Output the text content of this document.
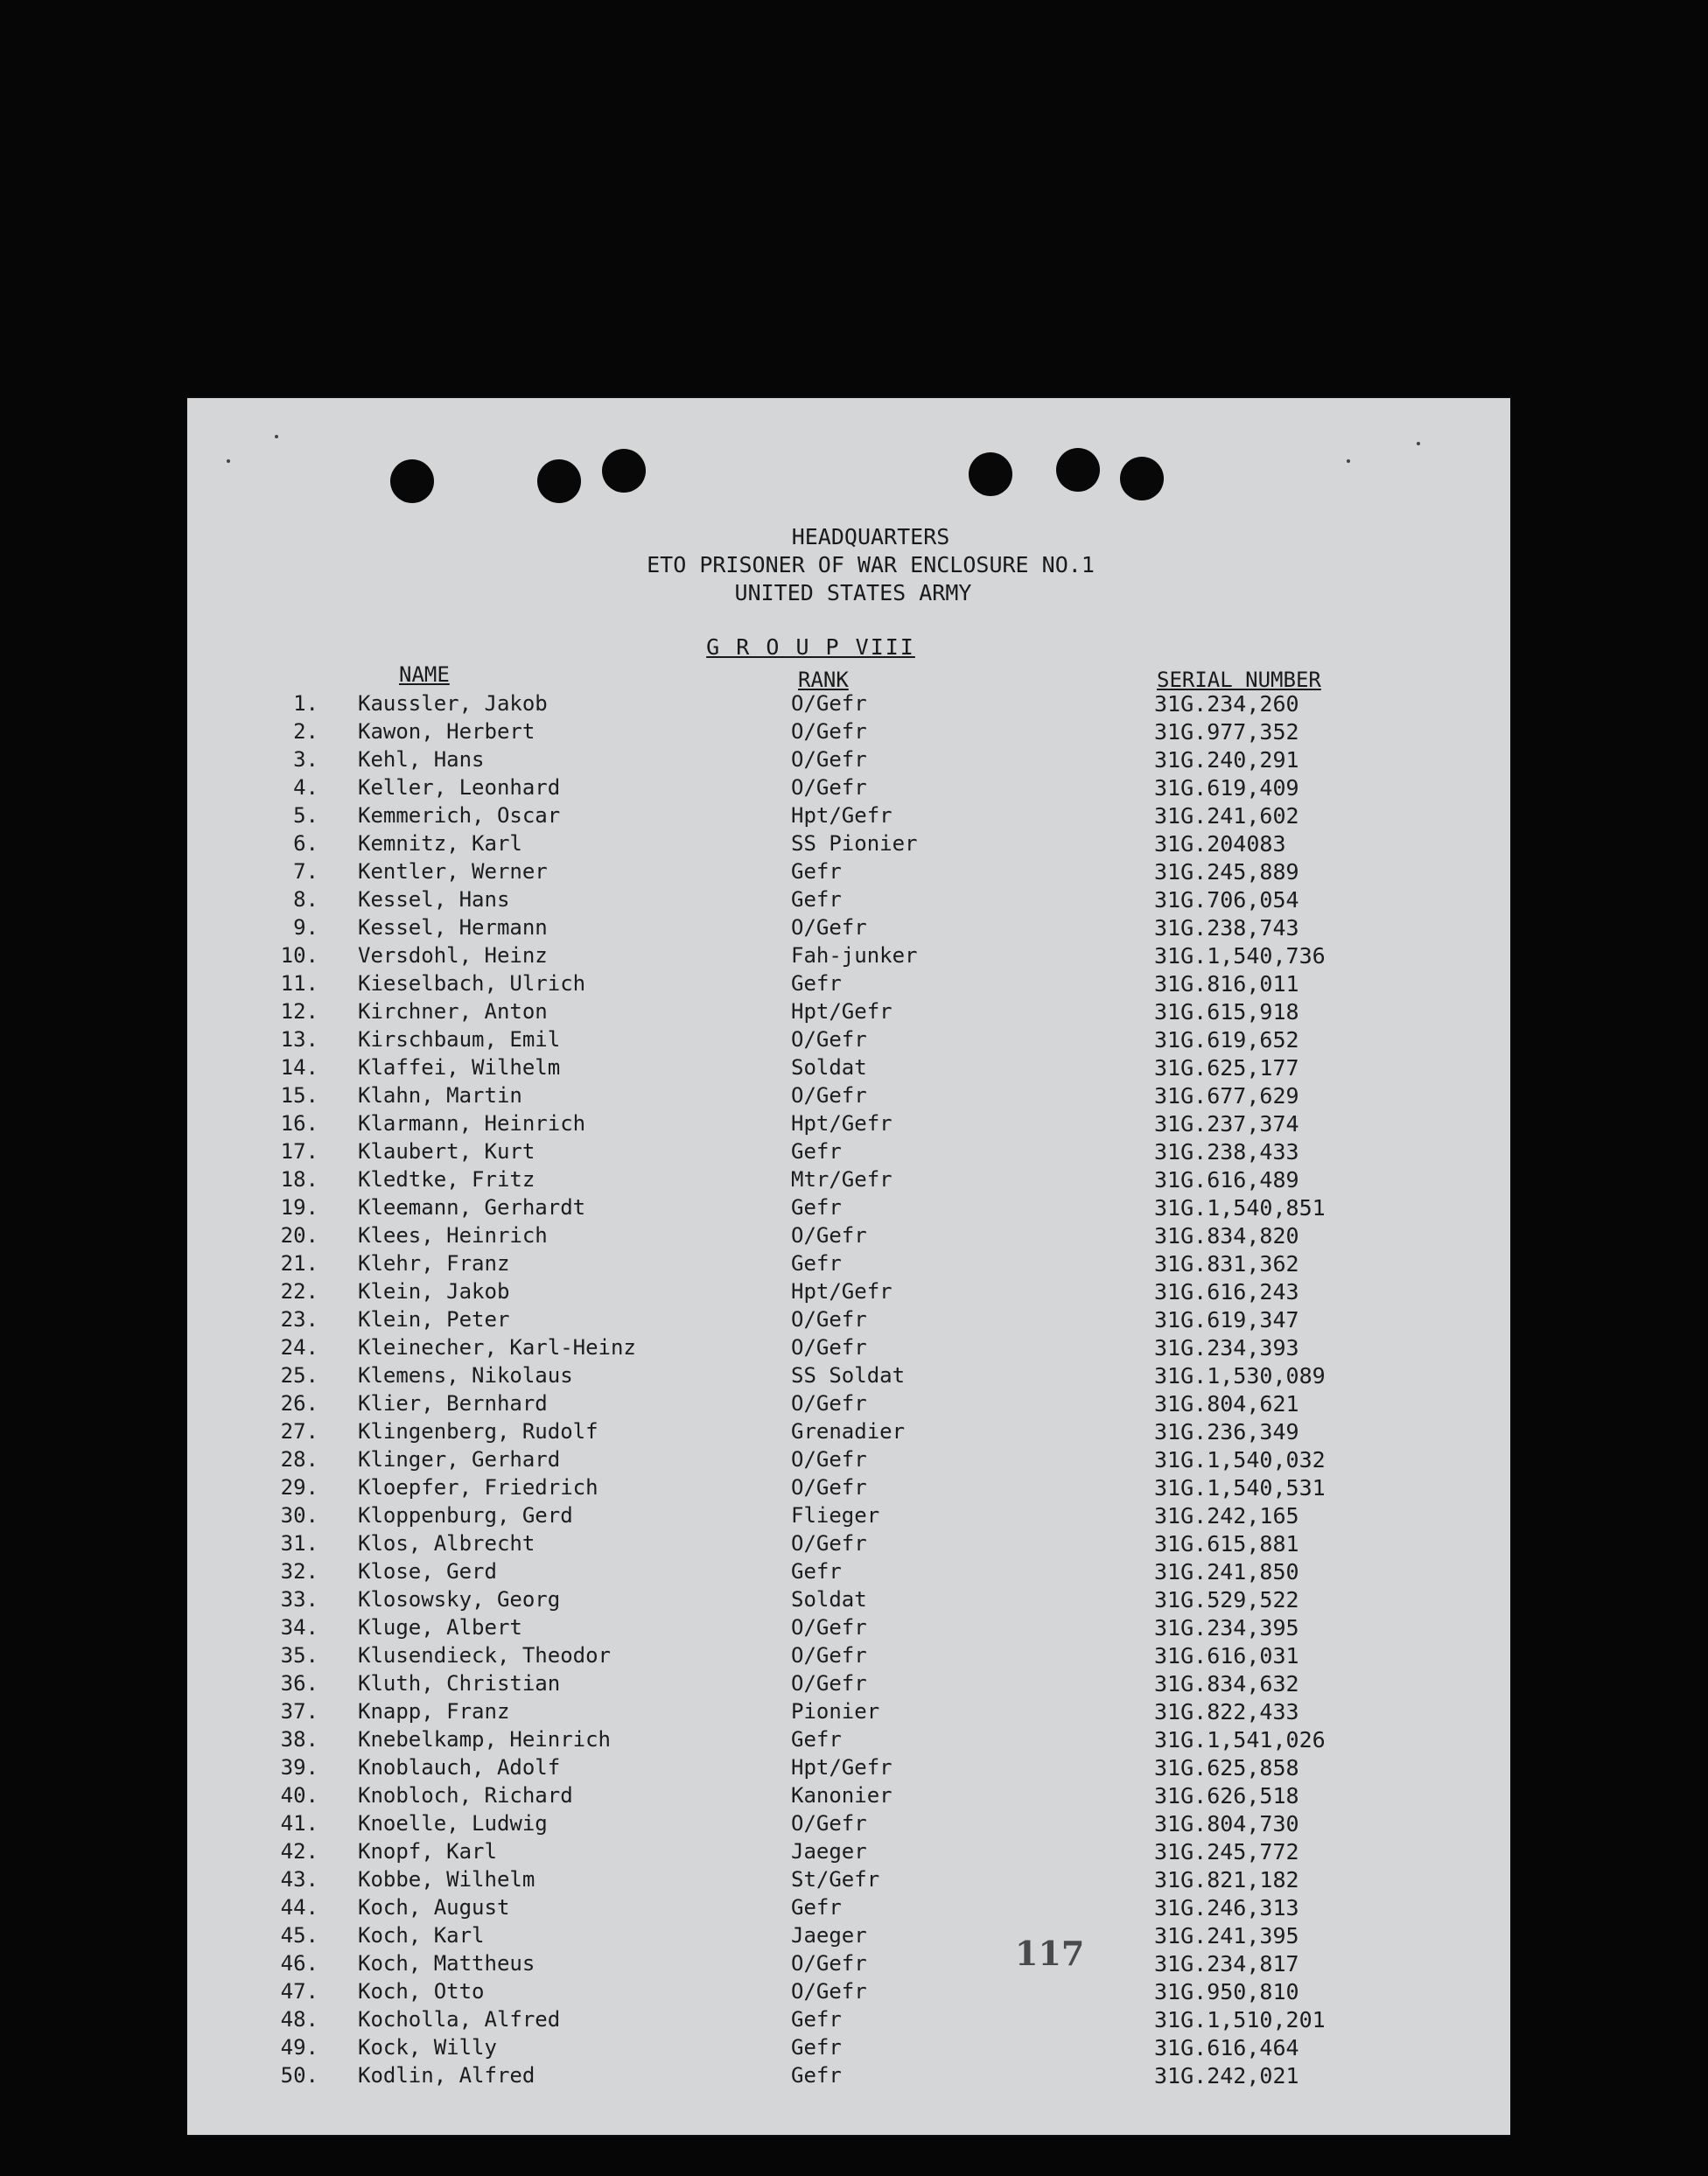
HEADQUARTERS
ETO PRISONER OF WAR ENCLOSURE NO.1
UNITED STATES ARMY
G R O U P VIII
NAME	RANK	SERIAL NUMBER
1. Kaussler, Jakob	O/Gefr	31G.234,260
2. Kawon, Herbert	O/Gefr	31G.977,352
3. Kehl, Hans	O/Gefr	31G.240,291
4. Keller, Leonhard	O/Gefr	31G.619,409
5. Kemmerich, Oscar	Hpt/Gefr	31G.241,602
6. Kemnitz, Karl	SS Pionier	31G.204083
7. Kentler, Werner	Gefr	31G.245,889
8. Kessel, Hans	Gefr	31G.706,054
9. Kessel, Hermann	O/Gefr	31G.238,743
10. Versdohl, Heinz	Fah-junker	31G.1,540,736
11. Kieselbach, Ulrich	Gefr	31G.816,011
12. Kirchner, Anton	Hpt/Gefr	31G.615,918
13. Kirschbaum, Emil	O/Gefr	31G.619,652
14. Klaffei, Wilhelm	Soldat	31G.625,177
15. Klahn, Martin	O/Gefr	31G.677,629
16. Klarmann, Heinrich	Hpt/Gefr	31G.237,374
17. Klaubert, Kurt	Gefr	31G.238,433
18. Kledtke, Fritz	Mtr/Gefr	31G.616,489
19. Kleemann, Gerhardt	Gefr	31G.1,540,851
20. Klees, Heinrich	O/Gefr	31G.834,820
21. Klehr, Franz	Gefr	31G.831,362
22. Klein, Jakob	Hpt/Gefr	31G.616,243
23. Klein, Peter	O/Gefr	31G.619,347
24. Kleinecher, Karl-Heinz	O/Gefr	31G.234,393
25. Klemens, Nikolaus	SS Soldat	31G.1,530,089
26. Klier, Bernhard	O/Gefr	31G.804,621
27. Klingenberg, Rudolf	Grenadier	31G.236,349
28. Klinger, Gerhard	O/Gefr	31G.1,540,032
29. Kloepfer, Friedrich	O/Gefr	31G.1,540,531
30. Kloppenburg, Gerd	Flieger	31G.242,165
31. Klos, Albrecht	O/Gefr	31G.615,881
32. Klose, Gerd	Gefr	31G.241,850
33. Klosowsky, Georg	Soldat	31G.529,522
34. Kluge, Albert	O/Gefr	31G.234,395
35. Klusendieck, Theodor	O/Gefr	31G.616,031
36. Kluth, Christian	O/Gefr	31G.834,632
37. Knapp, Franz	Pionier	31G.822,433
38. Knebelkamp, Heinrich	Gefr	31G.1,541,026
39. Knoblauch, Adolf	Hpt/Gefr	31G.625,858
40. Knobloch, Richard	Kanonier	31G.626,518
41. Knoelle, Ludwig	O/Gefr	31G.804,730
42. Knopf, Karl	Jaeger	31G.245,772
43. Kobbe, Wilhelm	St/Gefr	31G.821,182
44. Koch, August	Gefr	31G.246,313
45. Koch, Karl	Jaeger	31G.241,395
46. Koch, Mattheus	O/Gefr	31G.234,817
47. Koch, Otto	O/Gefr	31G.950,810
48. Kocholla, Alfred	Gefr	31G.1,510,201
49. Kock, Willy	Gefr	31G.616,464
50. Kodlin, Alfred	Gefr	31G.242,021
117
